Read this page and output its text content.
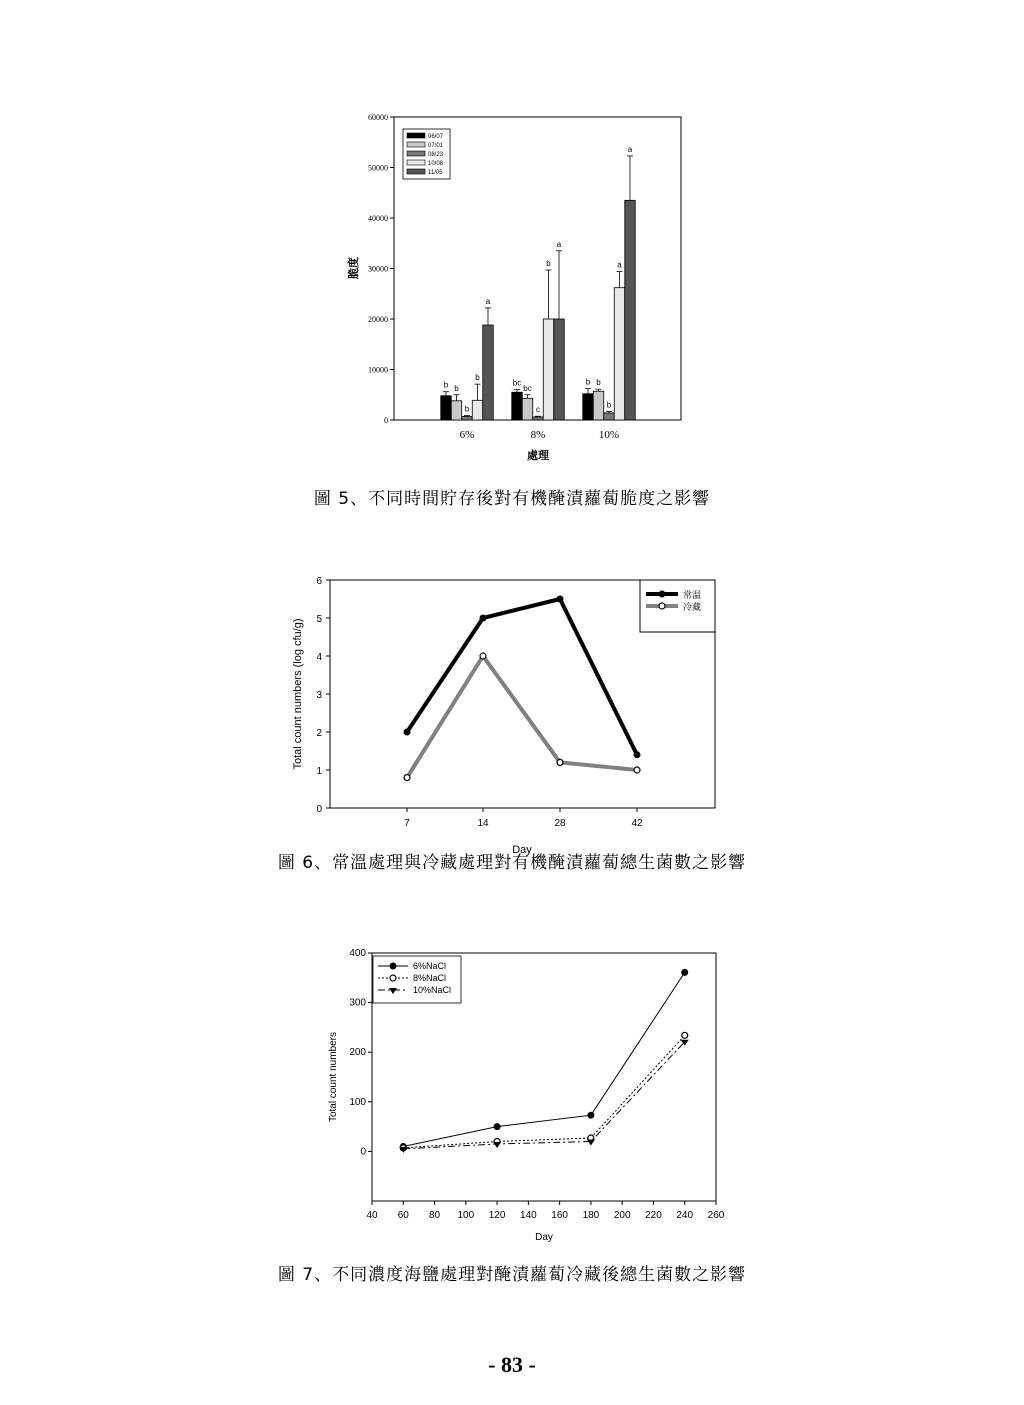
0
10000
20000
30000
40000
50000
60000
6%	8%	10%
b	bc	b
b	bc
b
b	c
b
b
b	a
a
a
a
處理
脆度
06/07
07/01
08/23
10/08
11/05
0
1
2
3
4
5
6
7	14	28	42
Day
Total count numbers (log cfu/g)
常温
冷藏
0
100
200
300
400
40 60 80 100 120 140 160 180 200 220 240 260
Day
Total count numbers
6%NaCl
8%NaCl
10%NaCl
圖 5、不同時間貯存後對有機醃漬蘿蔔脆度之影響
圖 6、常溫處理與冷藏處理對有機醃漬蘿蔔總生菌數之影響
圖 7、不同濃度海鹽處理對醃漬蘿蔔冷藏後總生菌數之影響
- 83 -
